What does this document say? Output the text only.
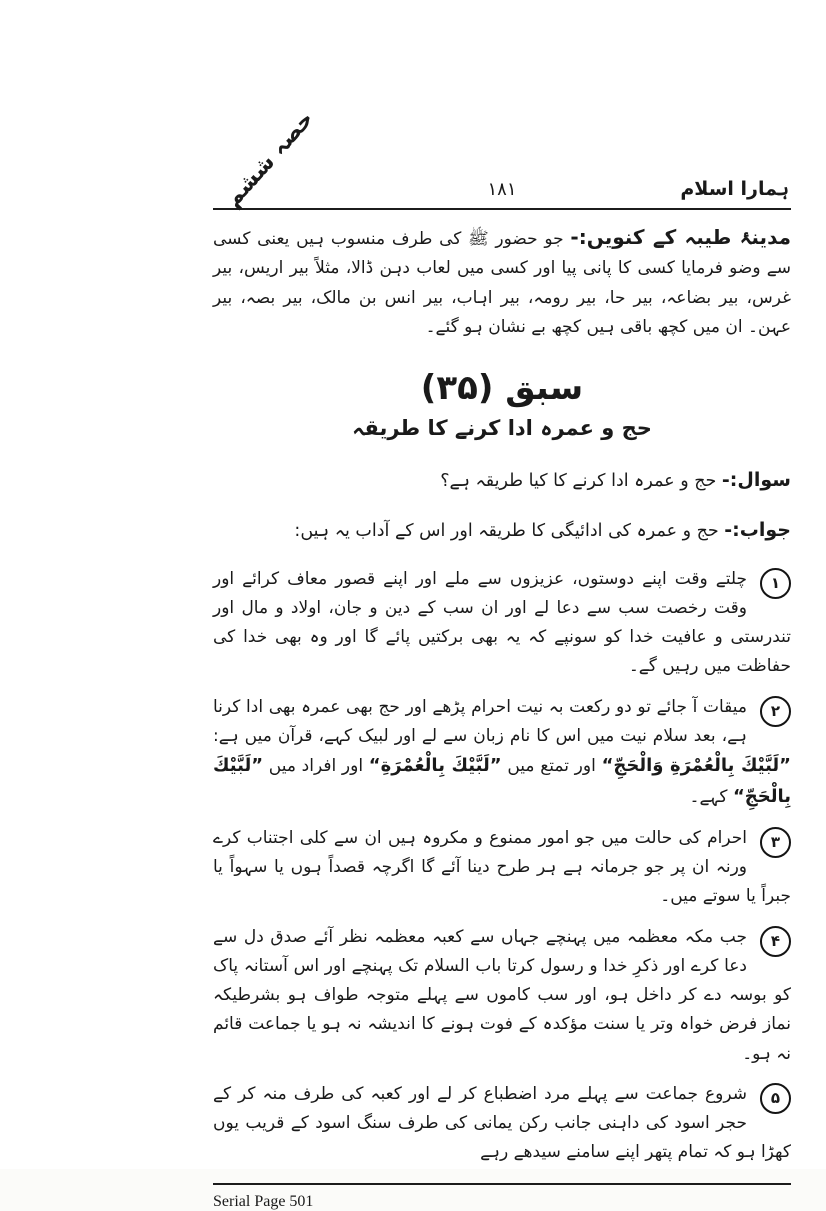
ہمارا اسلام
۱۸۱
حصہ ششم

مدینۂ طیبہ کے کنویں:- جو حضور ﷺ کی طرف منسوب ہیں یعنی کسی سے وضو فرمایا کسی کا پانی پیا اور کسی میں لعاب دہن ڈالا، مثلاً بیر اریس، بیر غرس، بیر بضاعہ، بیر حا، بیر رومہ، بیر اہاب، بیر انس بن مالک، بیر بصہ، بیر عہن۔ ان میں کچھ باقی ہیں کچھ بے نشان ہو گئے۔

سبق (۳۵)
حج و عمرہ ادا کرنے کا طریقہ

سوال:- حج و عمرہ ادا کرنے کا کیا طریقہ ہے؟

جواب:- حج و عمرہ کی ادائیگی کا طریقہ اور اس کے آداب یہ ہیں:

۱
چلتے وقت اپنے دوستوں، عزیزوں سے ملے اور اپنے قصور معاف کرائے اور وقت رخصت سب سے دعا لے اور ان سب کے دین و جان، اولاد و مال اور تندرستی و عافیت خدا کو سونپے کہ یہ بھی برکتیں پائے گا اور وہ بھی خدا کی حفاظت میں رہیں گے۔
۲
میقات آ جائے تو دو رکعت بہ نیت احرام پڑھے اور حج بھی عمرہ بھی ادا کرنا ہے، بعد سلام نیت میں اس کا نام زبان سے لے اور لبیک کہے، قرآن میں ہے: ”لَبَّيْكَ بِالْعُمْرَةِ وَالْحَجِّ“ اور تمتع میں ”لَبَّيْكَ بِالْعُمْرَةِ“ اور افراد میں ”لَبَّيْكَ بِالْحَجِّ“ کہے۔
۳
احرام کی حالت میں جو امور ممنوع و مکروہ ہیں ان سے کلی اجتناب کرے ورنہ ان پر جو جرمانہ ہے ہر طرح دینا آئے گا اگرچہ قصداً ہوں یا سہواً یا جبراً یا سوتے میں۔
۴
جب مکہ معظمہ میں پہنچے جہاں سے کعبہ معظمہ نظر آئے صدق دل سے دعا کرے اور ذکرِ خدا و رسول کرتا باب السلام تک پہنچے اور اس آستانہ پاک کو بوسہ دے کر داخل ہو، اور سب کاموں سے پہلے متوجہ طواف ہو بشرطیکہ نماز فرض خواہ وتر یا سنت مؤکدہ کے فوت ہونے کا اندیشہ نہ ہو یا جماعت قائم نہ ہو۔
۵
شروع جماعت سے پہلے مرد اضطباع کر لے اور کعبہ کی طرف منہ کر کے حجر اسود کی داہنی جانب رکن یمانی کی طرف سنگ اسود کے قریب یوں کھڑا ہو کہ تمام پتھر اپنے سامنے سیدھے رہے
Serial Page 501
